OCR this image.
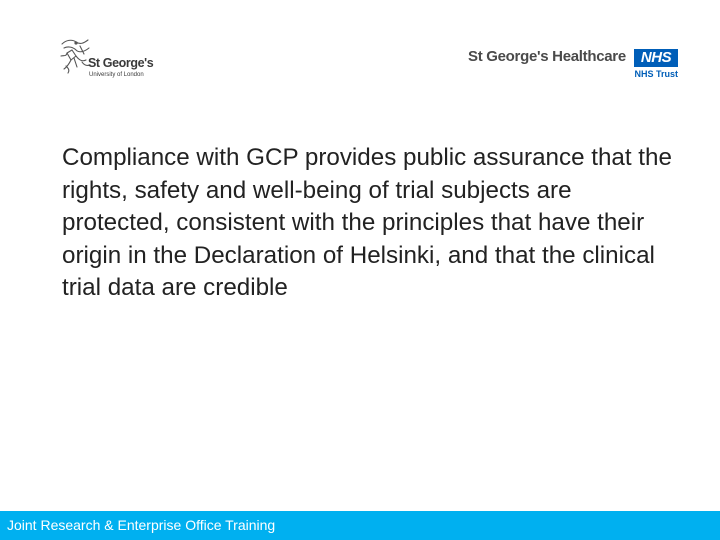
St George's
University of London
St George's Healthcare	NHS
NHS Trust

Compliance with GCP provides public assurance that the rights, safety and well-being of trial subjects are protected, consistent with the principles that have their origin in the Declaration of Helsinki, and that the clinical trial data are credible

Joint Research & Enterprise Office Training
